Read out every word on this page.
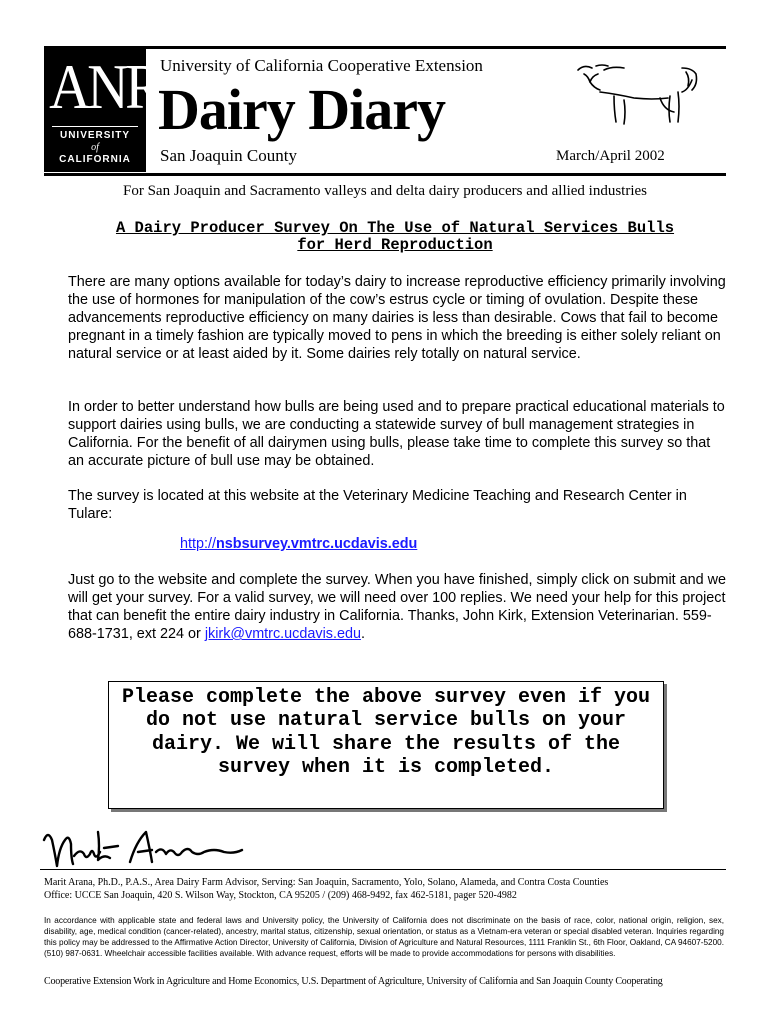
ANR
UNIVERSITY
of
CALIFORNIA
University of California Cooperative Extension
Dairy Diary
San Joaquin County	March/April 2002
For San Joaquin and Sacramento valleys and delta dairy producers and allied industries
A Dairy Producer Survey On The Use of Natural Services Bulls
for Herd Reproduction
There are many options available for today’s dairy to increase reproductive efficiency primarily involving the use of hormones for manipulation of the cow’s estrus cycle or timing of ovulation. Despite these advancements reproductive efficiency on many dairies is less than desirable. Cows that fail to become pregnant in a timely fashion are typically moved to pens in which the breeding is either solely reliant on natural service or at least aided by it. Some dairies rely totally on natural service.
In order to better understand how bulls are being used and to prepare practical educational materials to support dairies using bulls, we are conducting a statewide survey of bull management strategies in California. For the benefit of all dairymen using bulls, please take time to complete this survey so that an accurate picture of bull use may be obtained.
The survey is located at this website at the Veterinary Medicine Teaching and Research Center in Tulare:
http://nsbsurvey.vmtrc.ucdavis.edu
Just go to the website and complete the survey. When you have finished, simply click on submit and we will get your survey. For a valid survey, we will need over 100 replies. We need your help for this project that can benefit the entire dairy industry in California. Thanks, John Kirk, Extension Veterinarian. 559-688-1731, ext 224 or jkirk@vmtrc.ucdavis.edu.
Please complete the above survey even if you do not use natural service bulls on your dairy. We will share the results of the survey when it is completed.
Marit Arana, Ph.D., P.A.S., Area Dairy Farm Advisor, Serving: San Joaquin, Sacramento, Yolo, Solano, Alameda, and Contra Costa Counties
Office: UCCE San Joaquin, 420 S. Wilson Way, Stockton, CA 95205 / (209) 468-9492, fax 462-5181, pager 520-4982
In accordance with applicable state and federal laws and University policy, the University of California does not discriminate on the basis of race, color, national origin, religion, sex, disability, age, medical condition (cancer-related), ancestry, marital status, citizenship, sexual orientation, or status as a Vietnam-era veteran or special disabled veteran. Inquiries regarding this policy may be addressed to the Affirmative Action Director, University of California, Division of Agriculture and Natural Resources, 1111 Franklin St., 6th Floor, Oakland, CA 94607-5200. (510) 987-0631. Wheelchair accessible facilities available. With advance request, efforts will be made to provide accommodations for persons with disabilities.
Cooperative Extension Work in Agriculture and Home Economics, U.S. Department of Agriculture, University of California and San Joaquin County Cooperating
